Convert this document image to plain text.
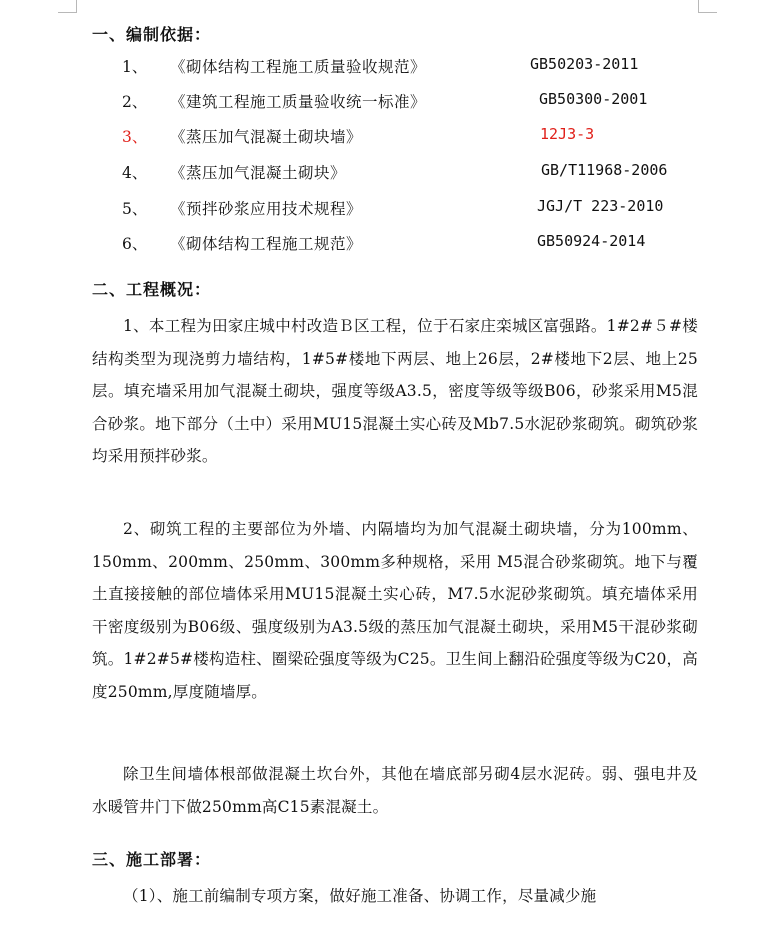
一、编制依据：
1、 《砌体结构工程施工质量验收规范》	GB50203-2011
2、 《建筑工程施工质量验收统一标准》	GB50300-2001
3、 《蒸压加气混凝土砌块墙》	12J3-3
4、 《蒸压加气混凝土砌块》	GB/T11968-2006
5、 《预拌砂浆应用技术规程》	JGJ/T 223-2010
6、 《砌体结构工程施工规范》	GB50924-2014
二、工程概况：

1、本工程为田家庄城中村改造Ｂ区工程，位于石家庄栾城区富强路。1#2#５#楼结构类型为现浇剪力墙结构，1#5#楼地下两层、地上26层，2#楼地下2层、地上25层。填充墙采用加气混凝土砌块，强度等级A3.5，密度等级等级B06，砂浆采用M5混合砂浆。地下部分（土中）采用MU15混凝土实心砖及Mb7.5水泥砂浆砌筑。砌筑砂浆均采用预拌砂浆。

2、砌筑工程的主要部位为外墙、内隔墙均为加气混凝土砌块墙，分为100mm、150mm、200mm、250mm、300mm多种规格，采用 M5混合砂浆砌筑。地下与覆土直接接触的部位墙体采用MU15混凝土实心砖，M7.5水泥砂浆砌筑。填充墙体采用干密度级别为B06级、强度级别为A3.5级的蒸压加气混凝土砌块，采用M5干混砂浆砌筑。1#2#5#楼构造柱、圈梁砼强度等级为C25。卫生间上翻沿砼强度等级为C20，高度250mm,厚度随墙厚。

除卫生间墙体根部做混凝土坎台外，其他在墙底部另砌4层水泥砖。弱、强电井及水暖管井门下做250mm高C15素混凝土。

三、施工部署：

（1）、施工前编制专项方案，做好施工准备、协调工作，尽量减少施
